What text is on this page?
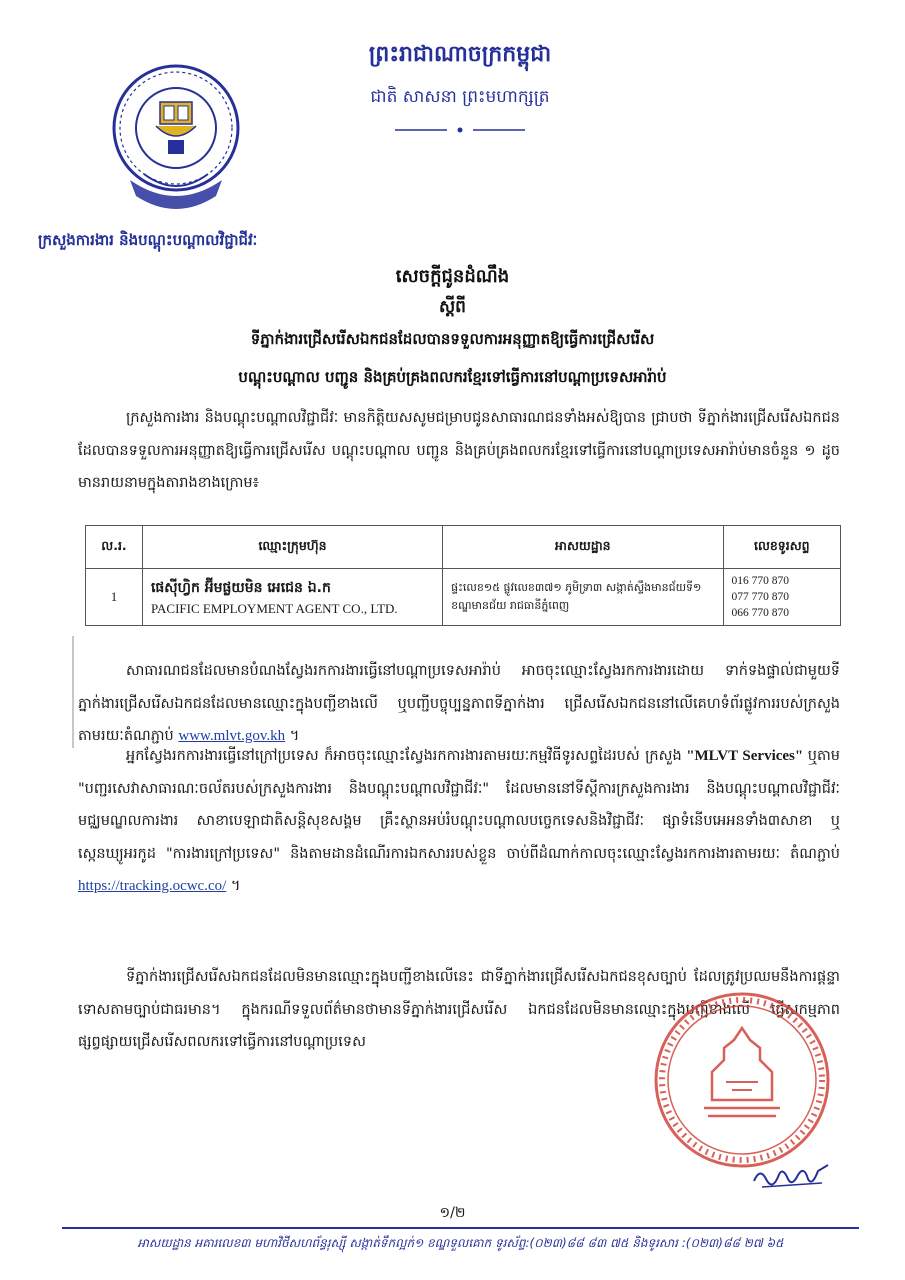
ព្រះរាជាណាចក្រកម្ពុជា
ជាតិ សាសនា ព្រះមហាក្សត្រ
ក្រសួងការងារ និងបណ្តុះបណ្តាលវិជ្ជាជីវៈ
សេចក្តីជូនដំណឹង
ស្តីពី
ទីភ្នាក់ងារជ្រើសរើសឯកជនដែលបានទទួលការអនុញ្ញាតឱ្យធ្វើការជ្រើសរើស
បណ្តុះបណ្តាល បញ្ជូន និងគ្រប់គ្រងពលករខ្មែរទៅធ្វើការនៅបណ្តាប្រទេសអារ៉ាប់
ក្រសួងការងារ និងបណ្តុះបណ្តាលវិជ្ជាជីវៈ មានកិត្តិយសសូមជម្រាបជូនសាធារណជនទាំងអស់ឱ្យបាន ជ្រាបថា ទីភ្នាក់ងារជ្រើសរើសឯកជនដែលបានទទួលការអនុញ្ញាតឱ្យធ្វើការជ្រើសរើស បណ្តុះបណ្តាល បញ្ជូន និងគ្រប់គ្រងពលករខ្មែរទៅធ្វើការនៅបណ្តាប្រទេសអារ៉ាប់មានចំនួន ១ ដូចមានរាយនាមក្នុងតារាងខាងក្រោម៖
ល.រ.	ឈ្មោះក្រុមហ៊ុន	អាសយដ្ឋាន	លេខទូរសព្ទ
1	ផេស៊ីហ្វិក អ៊ីមផ្លយមិន អេជេន ឯ.ក
PACIFIC EMPLOYMENT AGENT CO., LTD.	ផ្ទះលេខ១៥ ផ្លូវលេខ៣៧១ ភូមិទ្រា៣ សង្កាត់ស្ទឹងមានជ័យទី១ ខណ្ឌមានជ័យ រាជធានីភ្នំពេញ	016 770 870
077 770 870
066 770 870
សាធារណជនដែលមានបំណងស្វែងរកការងារធ្វើនៅបណ្តាប្រទេសអារ៉ាប់ អាចចុះឈ្មោះស្វែងរកការងារដោយ ទាក់ទងផ្ទាល់ជាមួយទីភ្នាក់ងារជ្រើសរើសឯកជនដែលមានឈ្មោះក្នុងបញ្ជីខាងលើ ឬបញ្ជីបច្ចុប្បន្នភាពទីភ្នាក់ងារ ជ្រើសរើសឯកជននៅលើគេហទំព័រផ្លូវការរបស់ក្រសួងតាមរយៈតំណភ្ជាប់ www.mlvt.gov.kh ។
អ្នកស្វែងរកការងារធ្វើនៅក្រៅប្រទេស ក៏អាចចុះឈ្មោះស្វែងរកការងារតាមរយៈកម្មវិធីទូរសព្ទដៃរបស់ ក្រសួង "MLVT Services" ឬតាម "បញ្ជរសេវាសាធារណៈចល័តរបស់ក្រសួងការងារ និងបណ្តុះបណ្តាលវិជ្ជាជីវៈ" ដែលមាននៅទីស្តីការក្រសួងការងារ និងបណ្តុះបណ្តាលវិជ្ជាជីវៈ មជ្ឈមណ្ឌលការងារ សាខាបេឡាជាតិសន្តិសុខសង្គម គ្រឹះស្ថានអប់រំបណ្តុះបណ្តាលបច្ចេកទេសនិងវិជ្ជាជីវៈ ផ្សាទំនើបអេអនទាំង៣សាខា ឬស្កេនឃ្យូអរកូដ "ការងារក្រៅប្រទេស" និងតាមដានដំណើរការឯកសាររបស់ខ្លួន ចាប់ពីដំណាក់កាលចុះឈ្មោះស្វែងរកការងារតាមរយៈ តំណភ្ជាប់ https://tracking.ocwc.co/ ។
ទីភ្នាក់ងារជ្រើសរើសឯកជនដែលមិនមានឈ្មោះក្នុងបញ្ជីខាងលើនេះ ជាទីភ្នាក់ងារជ្រើសរើសឯកជនខុសច្បាប់ ដែលត្រូវប្រឈមនឹងការផ្តន្ទាទោសតាមច្បាប់ជាធរមាន។ ក្នុងករណីទទួលព័ត៌មានថាមានទីភ្នាក់ងារជ្រើសរើស ឯកជនដែលមិនមានឈ្មោះក្នុងបញ្ជីខាងលើ ធ្វើសកម្មភាពផ្សព្វផ្សាយជ្រើសរើសពលករទៅធ្វើការនៅបណ្តាប្រទេស
១/២
អាសយដ្ឋាន អគារលេខ៣ មហាវិថីសហព័ន្ធរុស្ស៊ី សង្កាត់ទឹកល្អក់១ ខណ្ឌទួលគោក ទូរស័ព្ទ:(០២៣)៨៨ ៨៣ ៧៥ និងទូរសារ :(០២៣)៨៨ ២៧ ៦៥
